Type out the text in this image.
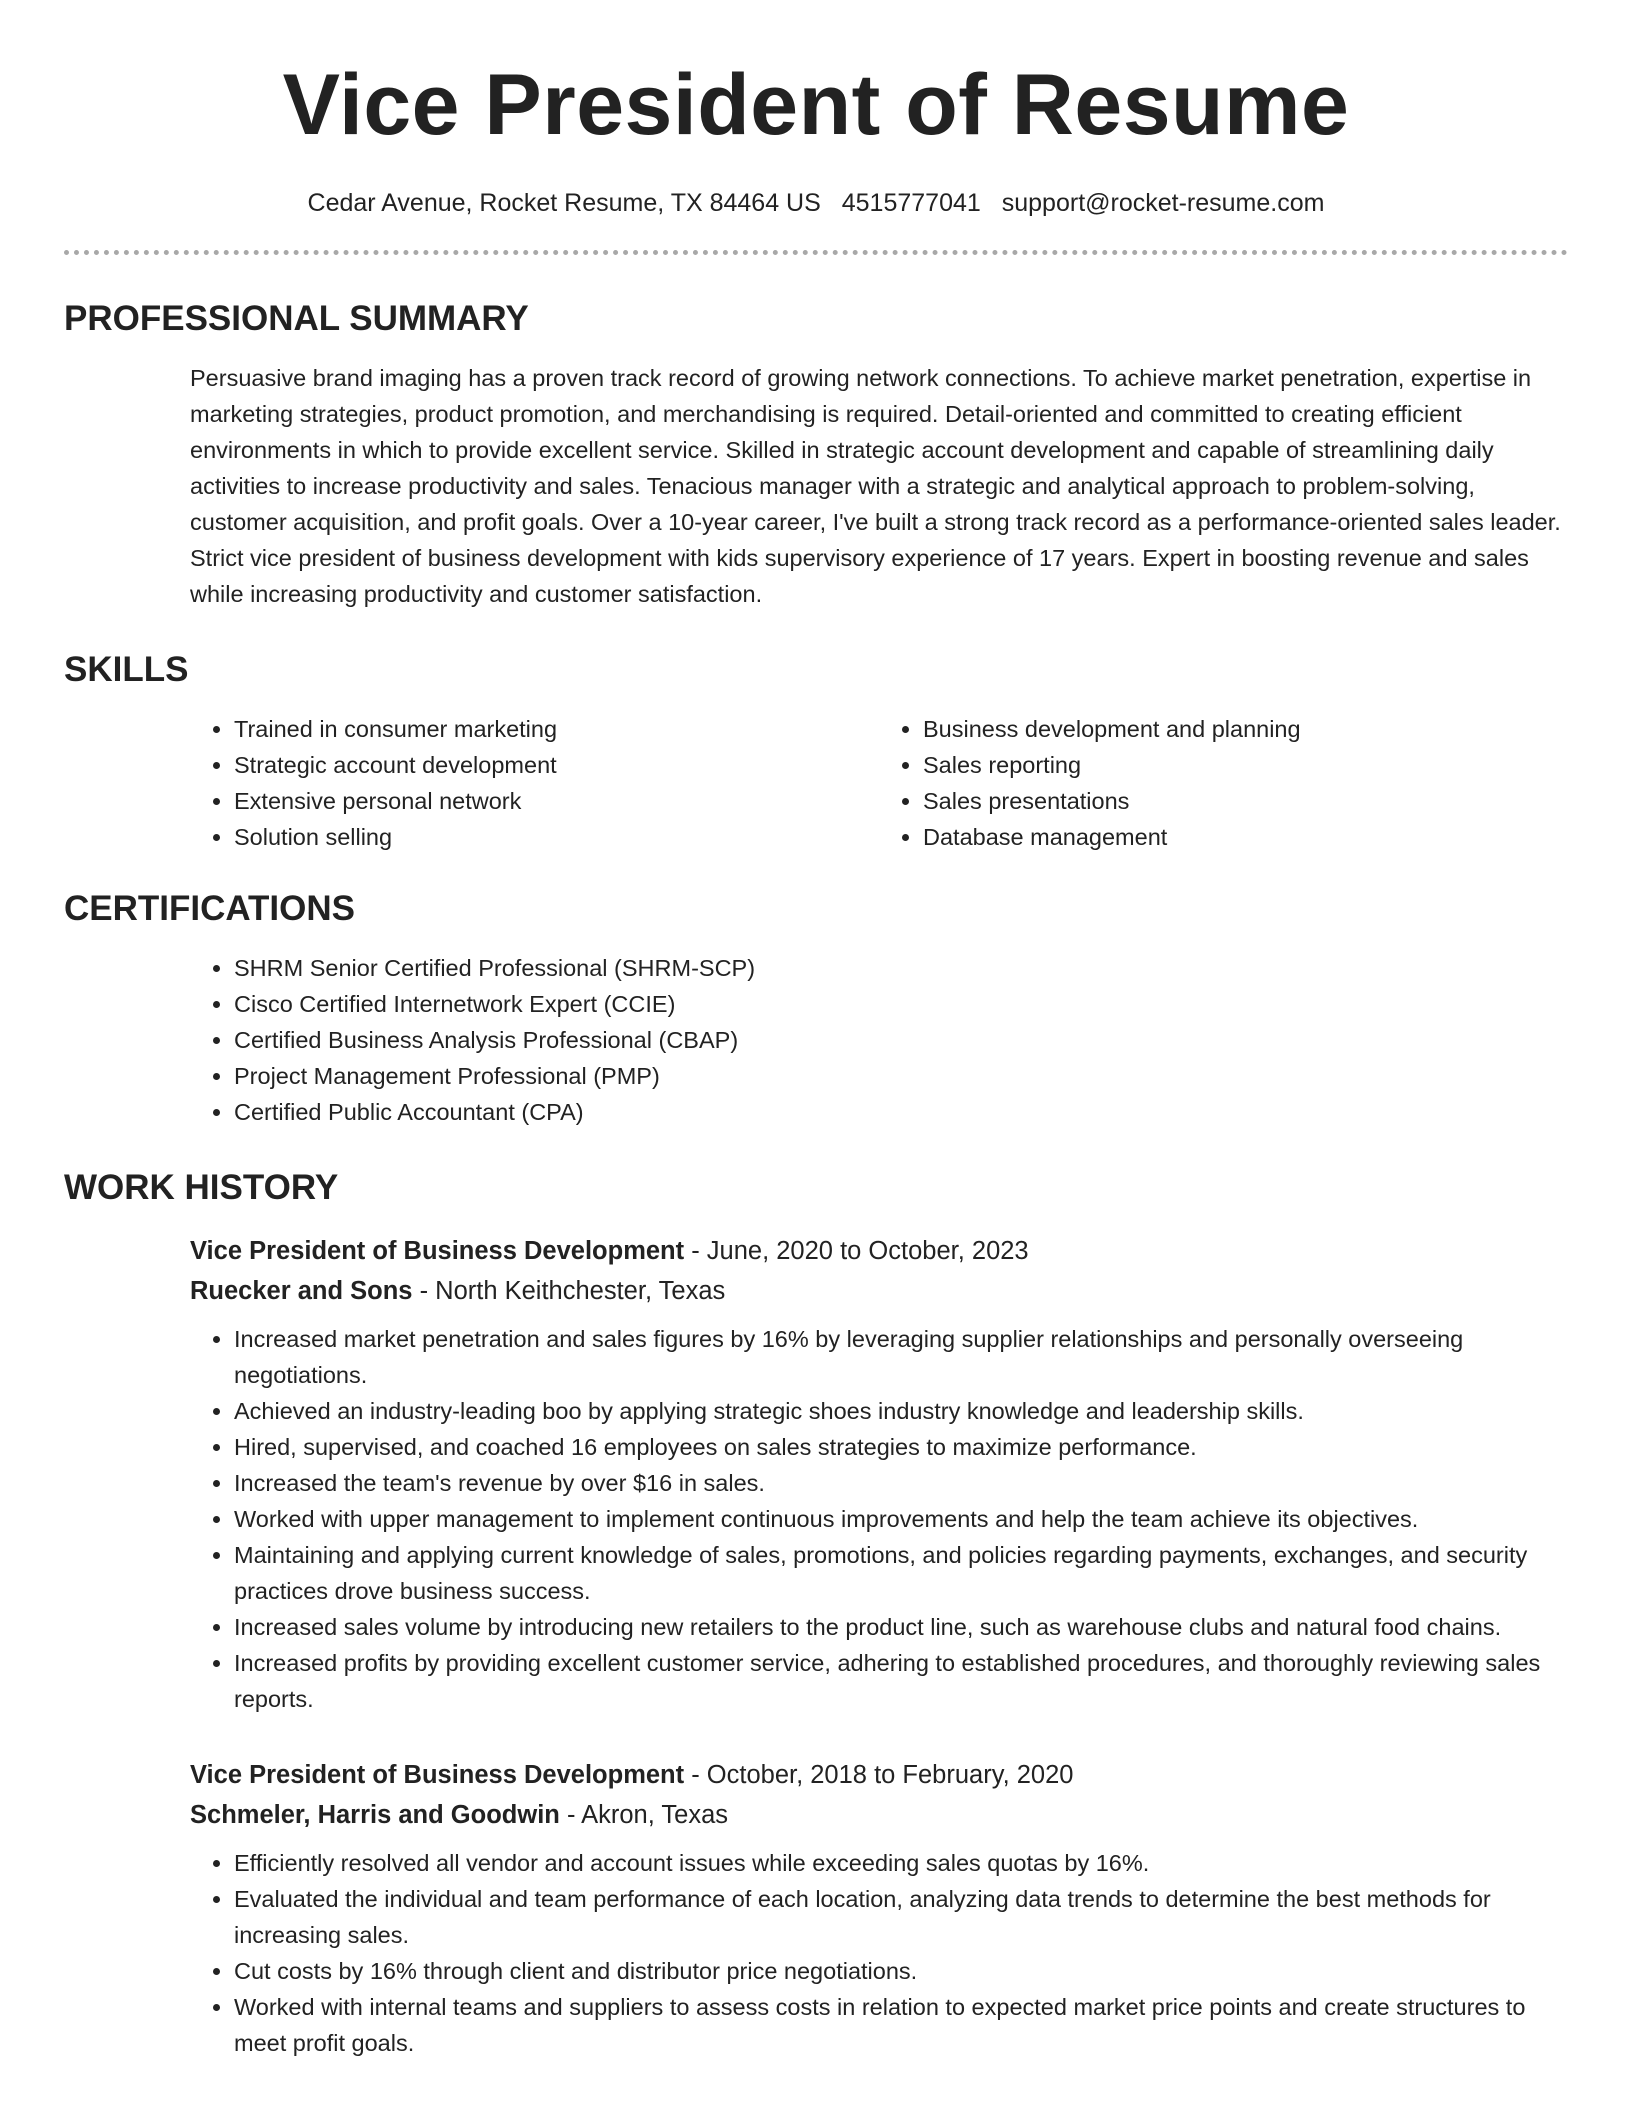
Vice President of Resume
Cedar Avenue, Rocket Resume, TX 84464 US 4515777041 support@rocket-resume.com
PROFESSIONAL SUMMARY
Persuasive brand imaging has a proven track record of growing network connections. To achieve market penetration, expertise in marketing strategies, product promotion, and merchandising is required. Detail-oriented and committed to creating efficient environments in which to provide excellent service. Skilled in strategic account development and capable of streamlining daily activities to increase productivity and sales. Tenacious manager with a strategic and analytical approach to problem-solving, customer acquisition, and profit goals. Over a 10-year career, I've built a strong track record as a performance-oriented sales leader. Strict vice president of business development with kids supervisory experience of 17 years. Expert in boosting revenue and sales while increasing productivity and customer satisfaction.
SKILLS
• Trained in consumer marketing
• Strategic account development
• Extensive personal network
• Solution selling
• Business development and planning
• Sales reporting
• Sales presentations
• Database management
CERTIFICATIONS
• SHRM Senior Certified Professional (SHRM-SCP)
• Cisco Certified Internetwork Expert (CCIE)
• Certified Business Analysis Professional (CBAP)
• Project Management Professional (PMP)
• Certified Public Accountant (CPA)
WORK HISTORY
Vice President of Business Development - June, 2020 to October, 2023
Ruecker and Sons - North Keithchester, Texas
• Increased market penetration and sales figures by 16% by leveraging supplier relationships and personally overseeing negotiations.
• Achieved an industry-leading boo by applying strategic shoes industry knowledge and leadership skills.
• Hired, supervised, and coached 16 employees on sales strategies to maximize performance.
• Increased the team's revenue by over $16 in sales.
• Worked with upper management to implement continuous improvements and help the team achieve its objectives.
• Maintaining and applying current knowledge of sales, promotions, and policies regarding payments, exchanges, and security practices drove business success.
• Increased sales volume by introducing new retailers to the product line, such as warehouse clubs and natural food chains.
• Increased profits by providing excellent customer service, adhering to established procedures, and thoroughly reviewing sales reports.
Vice President of Business Development - October, 2018 to February, 2020
Schmeler, Harris and Goodwin - Akron, Texas
• Efficiently resolved all vendor and account issues while exceeding sales quotas by 16%.
• Evaluated the individual and team performance of each location, analyzing data trends to determine the best methods for increasing sales.
• Cut costs by 16% through client and distributor price negotiations.
• Worked with internal teams and suppliers to assess costs in relation to expected market price points and create structures to meet profit goals.
